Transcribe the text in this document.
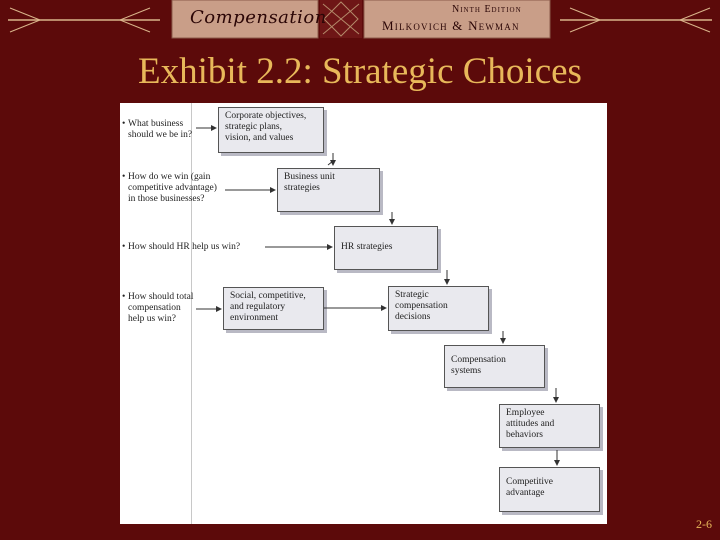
Compensation	Ninth Edition
Milkovich & Newman
Exhibit 2.2: Strategic Choices
•
•
•
•
What business
should we be in?
How do we win (gain
competitive advantage)
in those businesses?
How should HR help us win?
How should total
compensation
help us win?
Corporate objectives,
strategic plans,
vision, and values
Business unit
strategies
HR strategies
Social, competitive,
and regulatory
environment
Strategic
compensation
decisions
Compensation
systems
Employee
attitudes and
behaviors
Competitive
advantage
2-6
